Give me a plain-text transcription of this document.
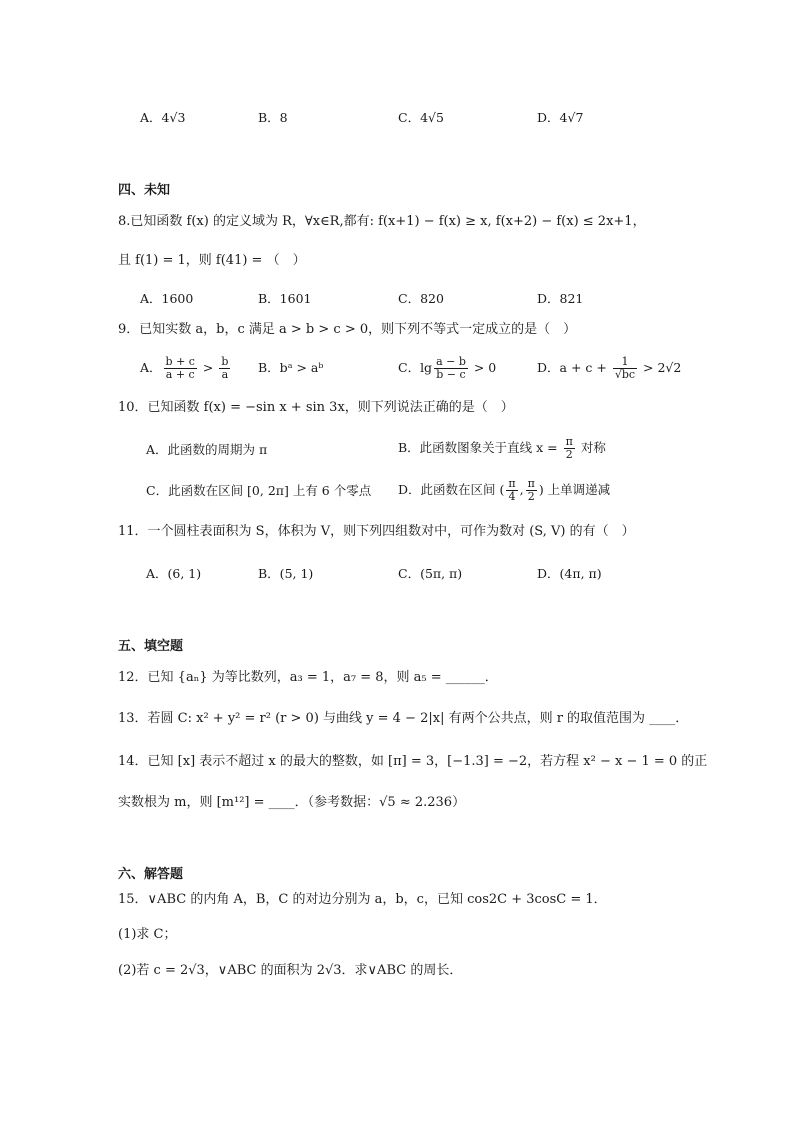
A．4√3	B．8	C．4√5	D．4√7
四、未知
8.已知函数 f(x) 的定义域为 R，∀x∈R,都有: f(x+1) − f(x) ≥ x, f(x+2) − f(x) ≤ 2x+1，
且 f(1) = 1，则 f(41) = （　）
A．1600	B．1601	C．820	D．821
9．已知实数 a，b，c 满足 a > b > c > 0，则下列不等式一定成立的是（　）
A． $\frac{b + c}{a + c} > \frac{b}{a}$ B．bᵃ > aᵇ	C．$\lg \frac{a - b}{b - c} > 0$	D．$a + c + \frac{1}{√bc} > 2√2$
10．已知函数 f(x) = −sin x + sin 3x，则下列说法正确的是（　）
A．此函数的周期为 π	B．此函数图象关于直线 $x = \frac{\pi}{2}$ 对称
C．此函数在区间 [0, 2π] 上有 6 个零点 D．此函数在区间 ( $\frac{\pi}{4}$ , $\frac{\pi}{2}$ ) 上单调递减
11．一个圆柱表面积为 S，体积为 V，则下列四组数对中，可作为数对 (S, V) 的有（　）
A．(6, 1)	B．(5, 1)	C．(5π, π)	D．(4π, π)
五、填空题
12．已知 {aₙ} 为等比数列，a₃ = 1，a₇ = 8，则 a₅ = ______．
13．若圆 C: x² + y² = r² (r > 0) 与曲线 y = 4 − 2|x| 有两个公共点，则 r 的取值范围为 ____．
14．已知 [x] 表示不超过 x 的最大的整数，如 [π] = 3，[−1.3] = −2，若方程 x² − x − 1 = 0 的正
实数根为 m，则 [m¹²] = ____．（参考数据：√5 ≈ 2.236）
六、解答题
15．∨ABC 的内角 A，B，C 的对边分别为 a，b，c，已知 cos2C + 3cosC = 1．
(1)求 C；
(2)若 c = 2√3，∨ABC 的面积为 2√3．求∨ABC 的周长．
